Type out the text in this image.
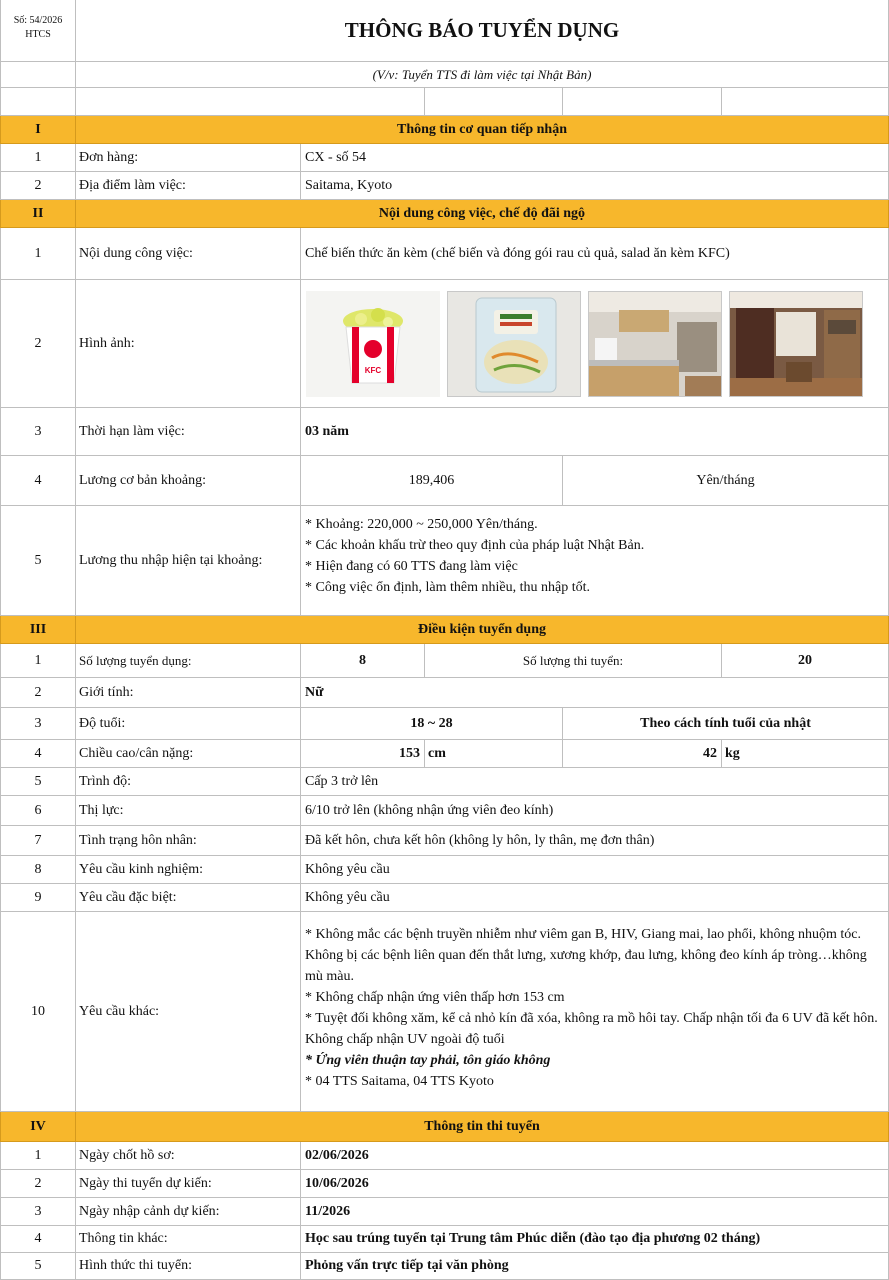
Số: 54/2026
HTCS	THÔNG BÁO TUYỂN DỤNG
(V/v: Tuyển TTS đi làm việc tại Nhật Bản)
I	Thông tin cơ quan tiếp nhận
1	Đơn hàng:	CX - số 54
2	Địa điểm làm việc:	Saitama, Kyoto
II	Nội dung công việc, chế độ đãi ngộ
1	Nội dung công việc:	Chế biến thức ăn kèm (chế biến và đóng gói rau củ quả, salad ăn kèm KFC)
2	Hình ảnh:
KFC
3	Thời hạn làm việc:	03 năm
4	Lương cơ bản khoảng:	189,406	Yên/tháng
5	Lương thu nhập hiện tại khoảng:
* Khoảng: 220,000 ~ 250,000 Yên/tháng.
* Các khoản khấu trừ theo quy định của pháp luật Nhật Bản.
* Hiện đang có 60 TTS đang làm việc
* Công việc ổn định, làm thêm nhiều, thu nhập tốt.
III	Điều kiện tuyển dụng
1	Số lượng tuyển dụng:	8	Số lượng thi tuyển:	20
2	Giới tính:	Nữ
3	Độ tuổi:	18 ~ 28	Theo cách tính tuổi của nhật
4	Chiều cao/cân nặng:	153 cm	42 kg
5	Trình độ:	Cấp 3 trở lên
6	Thị lực:	6/10 trở lên (không nhận ứng viên đeo kính)
7	Tình trạng hôn nhân:	Đã kết hôn, chưa kết hôn (không ly hôn, ly thân, mẹ đơn thân)
8	Yêu cầu kinh nghiệm:	Không yêu cầu
9	Yêu cầu đặc biệt:	Không yêu cầu
10	Yêu cầu khác:
* Không mắc các bệnh truyền nhiễm như viêm gan B, HIV, Giang mai, lao phổi, không nhuộm tóc. Không bị các bệnh liên quan đến thắt lưng, xương khớp, đau lưng, không đeo kính áp tròng…không mù màu.
* Không chấp nhận ứng viên thấp hơn 153 cm
* Tuyệt đối không xăm, kể cả nhỏ kín đã xóa, không ra mồ hôi tay. Chấp nhận tối đa 6 UV đã kết hôn. Không chấp nhận UV ngoài độ tuổi
* Ứng viên thuận tay phải, tôn giáo không
* 04 TTS Saitama, 04 TTS Kyoto
IV	Thông tin thi tuyển
1	Ngày chốt hồ sơ:	02/06/2026
2	Ngày thi tuyển dự kiến:	10/06/2026
3	Ngày nhập cảnh dự kiến:	11/2026
4	Thông tin khác:	Học sau trúng tuyển tại Trung tâm Phúc diễn (đào tạo địa phương 02 tháng)
5	Hình thức thi tuyển:	Phỏng vấn trực tiếp tại văn phòng
